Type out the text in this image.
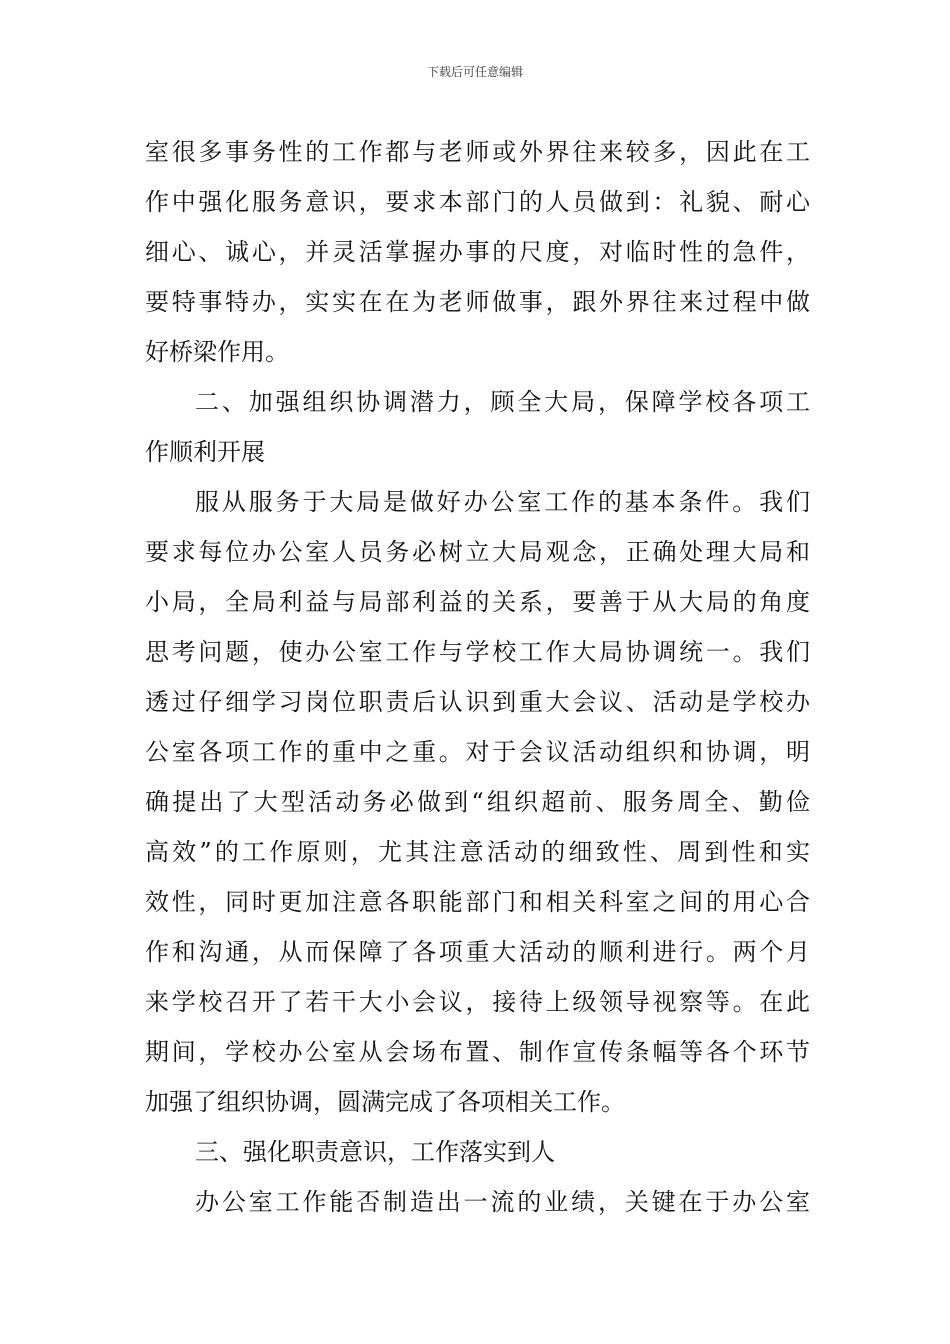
下载后可任意编辑
室很多事务性的工作都与老师或外界往来较多，因此在工
作中强化服务意识，要求本部门的人员做到：礼貌、耐心
细心、诚心，并灵活掌握办事的尺度，对临时性的急件，
要特事特办，实实在在为老师做事，跟外界往来过程中做
好桥梁作用。
二、加强组织协调潜力，顾全大局，保障学校各项工
作顺利开展
服从服务于大局是做好办公室工作的基本条件。我们
要求每位办公室人员务必树立大局观念，正确处理大局和
小局，全局利益与局部利益的关系，要善于从大局的角度
思考问题，使办公室工作与学校工作大局协调统一。我们
透过仔细学习岗位职责后认识到重大会议、活动是学校办
公室各项工作的重中之重。对于会议活动组织和协调，明
确提出了大型活动务必做到“组织超前、服务周全、勤俭
高效”的工作原则，尤其注意活动的细致性、周到性和实
效性，同时更加注意各职能部门和相关科室之间的用心合
作和沟通，从而保障了各项重大活动的顺利进行。两个月
来学校召开了若干大小会议，接待上级领导视察等。在此
期间，学校办公室从会场布置、制作宣传条幅等各个环节
加强了组织协调，圆满完成了各项相关工作。
三、强化职责意识，工作落实到人
办公室工作能否制造出一流的业绩，关键在于办公室
